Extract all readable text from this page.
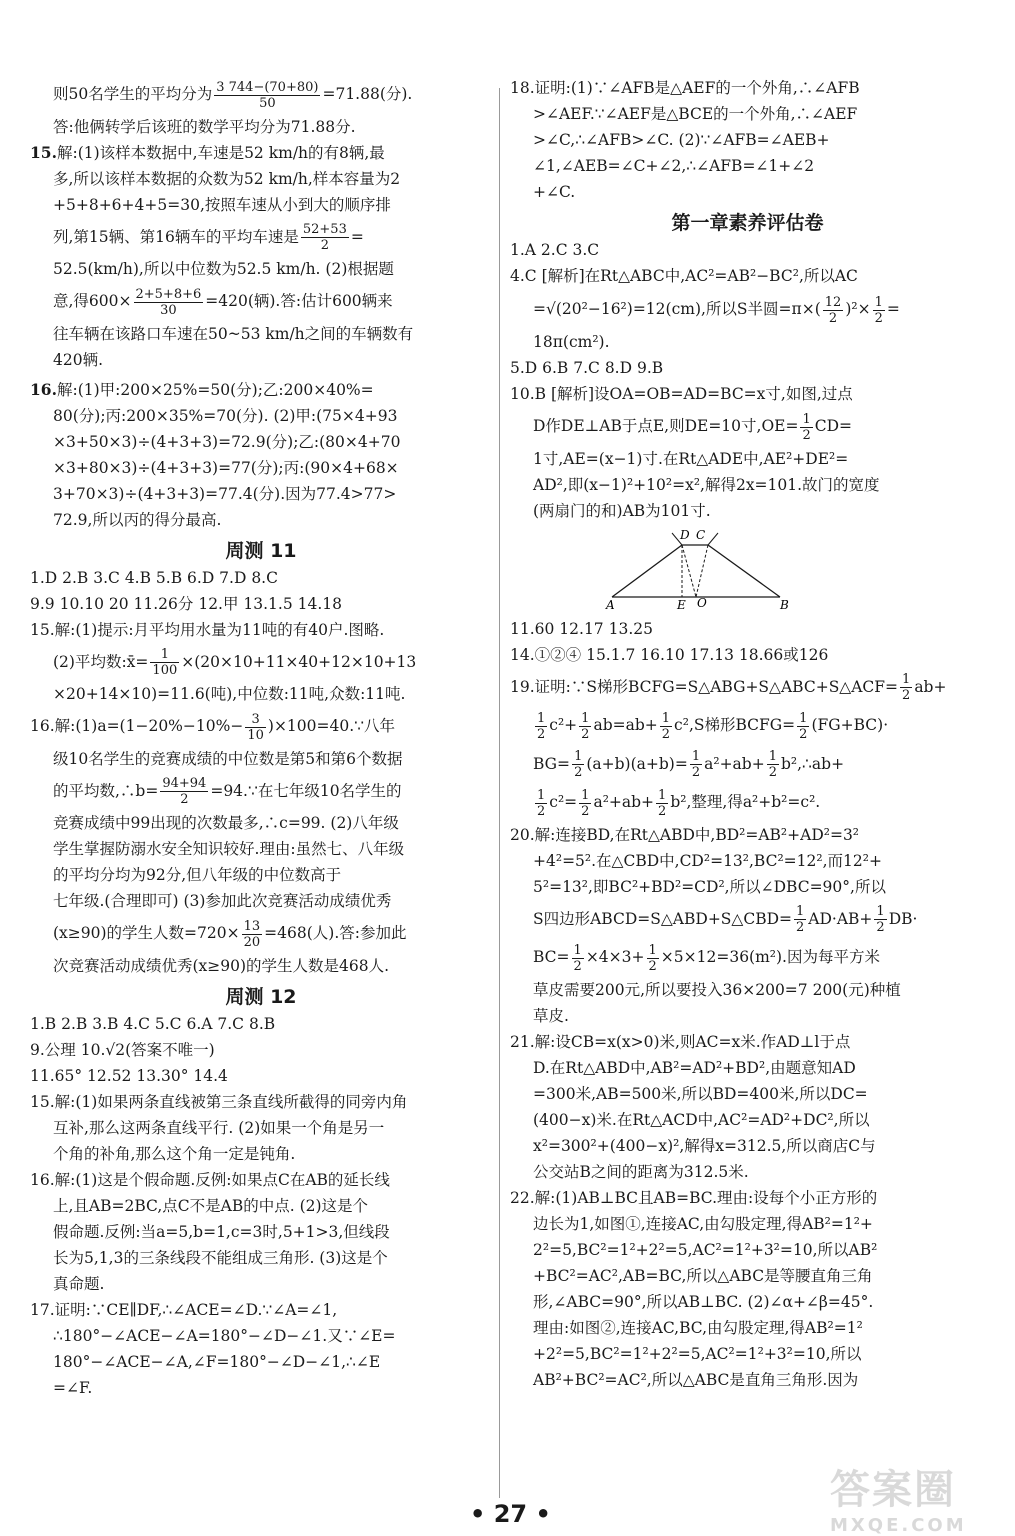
则50名学生的平均分为 $\frac{3 744-(70+80)}{50} =71.88$(分).

答:他俩转学后该班的数学平均分为71.88分.

15.解:(1)该样本数据中,车速是52 km/h的有8辆,最

多,所以该样本数据的众数为52 km/h,样本容量为2

+5+8+6+4+5=30,按照车速从小到大的顺序排

列,第15辆、第16辆车的平均车速是 $\frac{52+53}{2}$ =

52.5(km/h),所以中位数为52.5 km/h. (2)根据题

意,得$600\times \frac{2+5+8+6}{30} =420$(辆).答:估计600辆来

往车辆在该路口车速在50~53 km/h之间的车辆数有

420辆.

16.解:(1)甲:200×25%=50(分);乙:200×40%=

80(分);丙:200×35%=70(分). (2)甲:(75×4+93

×3+50×3)÷(4+3+3)=72.9(分);乙:(80×4+70

×3+80×3)÷(4+3+3)=77(分);丙:(90×4+68×

3+70×3)÷(4+3+3)=77.4(分).因为77.4>77>

72.9,所以丙的得分最高.

周测 11

1.D 2.B 3.C 4.B 5.B 6.D 7.D 8.C

9.9 10.10 20 11.26分 12.甲 13.1.5 14.18

15.解:(1)提示:月平均用水量为11吨的有40户.图略.

(2)平均数:x̄= $\frac{1}{100} \times(20\times 10+11\times 40+12\times 10+13$

×20+14×10)=11.6(吨),中位数:11吨,众数:11吨.

16.解:(1)a=(1−20%−10%− $\frac{3}{10}$ )×100=40.∵八年

级10名学生的竞赛成绩的中位数是第5和第6个数据

的平均数,∴b= $\frac{94+94}{2}$ =94.∵在七年级10名学生的

竞赛成绩中99出现的次数最多,∴c=99. (2)八年级

学生掌握防溺水安全知识较好.理由:虽然七、八年级

的平均分均为92分,但八年级的中位数高于

七年级.(合理即可) (3)参加此次竞赛活动成绩优秀

(x≥90)的学生人数$=720\times \frac{13}{20} =468$(人).答:参加此

次竞赛活动成绩优秀(x≥90)的学生人数是468人.

周测 12

1.B 2.B 3.B 4.C 5.C 6.A 7.C 8.B

9.公理 10.√2(答案不唯一)

11.65° 12.52 13.30° 14.4

15.解:(1)如果两条直线被第三条直线所截得的同旁内角

互补,那么这两条直线平行. (2)如果一个角是另一

个角的补角,那么这个角一定是钝角.

16.解:(1)这是个假命题.反例:如果点C在AB的延长线

上,且AB=2BC,点C不是AB的中点. (2)这是个

假命题.反例:当a=5,b=1,c=3时,5+1>3,但线段

长为5,1,3的三条线段不能组成三角形. (3)这是个

真命题.

17.证明:∵CE∥DF,∴∠ACE=∠D.∵∠A=∠1,

∴180°−∠ACE−∠A=180°−∠D−∠1.又∵∠E=

180°−∠ACE−∠A,∠F=180°−∠D−∠1,∴∠E

=∠F.

18.证明:(1)∵∠AFB是△AEF的一个外角,∴∠AFB

>∠AEF.∵∠AEF是△BCE的一个外角,∴∠AEF

>∠C,∴∠AFB>∠C. (2)∵∠AFB=∠AEB+

∠1,∠AEB=∠C+∠2,∴∠AFB=∠1+∠2

+∠C.

第一章素养评估卷

1.A 2.C 3.C

4.C [解析]在Rt△ABC中,AC²=AB²−BC²,所以AC

=√(20²−16²)=12(cm),所以S半圆$=\pi\times( \frac{12}{2} )^2\times \frac{1}{2}$ =

18π(cm²).

5.D 6.B 7.C 8.D 9.B

10.B [解析]设OA=OB=AD=BC=x寸,如图,过点

D作DE⊥AB于点E,则DE=10寸$,OE= \frac{1}{2} CD=$

1寸,AE=(x−1)寸.在Rt△ADE中,AE²+DE²=

AD²,即(x−1)²+10²=x²,解得2x=101.故门的宽度

(两扇门的和)AB为101寸.

A	B
D C
E O

11.60 12.17 13.25

14.①②④ 15.1.7 16.10 17.13 18.66或126

19.证明:∵S梯形BCFG=S△ABG+S△ABC+S△ACF= $\frac{1}{2} ab+$

$\frac{1}{2} c^2+ \frac{1}{2} ab=ab+ \frac{1}{2} c^2,S$梯形BCFG= $\frac{1}{2} (FG+BC)\cdot$

$BG= \frac{1}{2} (a+b)(a+b)= \frac{1}{2} a^2+ab+ \frac{1}{2}$ b²,∴ab+

$\frac{1}{2} c^2= \frac{1}{2} a^2+ab+ \frac{1}{2} b^2$,整理,得a²+b²=c².

20.解:连接BD,在Rt△ABD中,BD²=AB²+AD²=3²

+4²=5².在△CBD中,CD²=13²,BC²=12²,而12²+

5²=13²,即BC²+BD²=CD²,所以∠DBC=90°,所以

S四边形ABCD=S△ABD+S△CBD= $\frac{1}{2} AD\cdot AB+ \frac{1}{2} DB\cdot$

$BC= \frac{1}{2} \times 4\times 3+ \frac{1}{2} \times 5\times 12=36(m^2)$.因为每平方米

草皮需要200元,所以要投入36×200=7 200(元)种植

草皮.

21.解:设CB=x(x>0)米,则AC=x米.作AD⊥l于点

D.在Rt△ABD中,AB²=AD²+BD²,由题意知AD

=300米,AB=500米,所以BD=400米,所以DC=

(400−x)米.在Rt△ACD中,AC²=AD²+DC²,所以

x²=300²+(400−x)²,解得x=312.5,所以商店C与

公交站B之间的距离为312.5米.

22.解:(1)AB⊥BC且AB=BC.理由:设每个小正方形的

边长为1,如图①,连接AC,由勾股定理,得AB²=1²+

2²=5,BC²=1²+2²=5,AC²=1²+3²=10,所以AB²

+BC²=AC²,AB=BC,所以△ABC是等腰直角三角

形,∠ABC=90°,所以AB⊥BC. (2)∠α+∠β=45°.

理由:如图②,连接AC,BC,由勾股定理,得AB²=1²

+2²=5,BC²=1²+2²=5,AC²=1²+3²=10,所以

AB²+BC²=AC²,所以△ABC是直角三角形.因为

• 27 •
答案圈
MXQE.COM
